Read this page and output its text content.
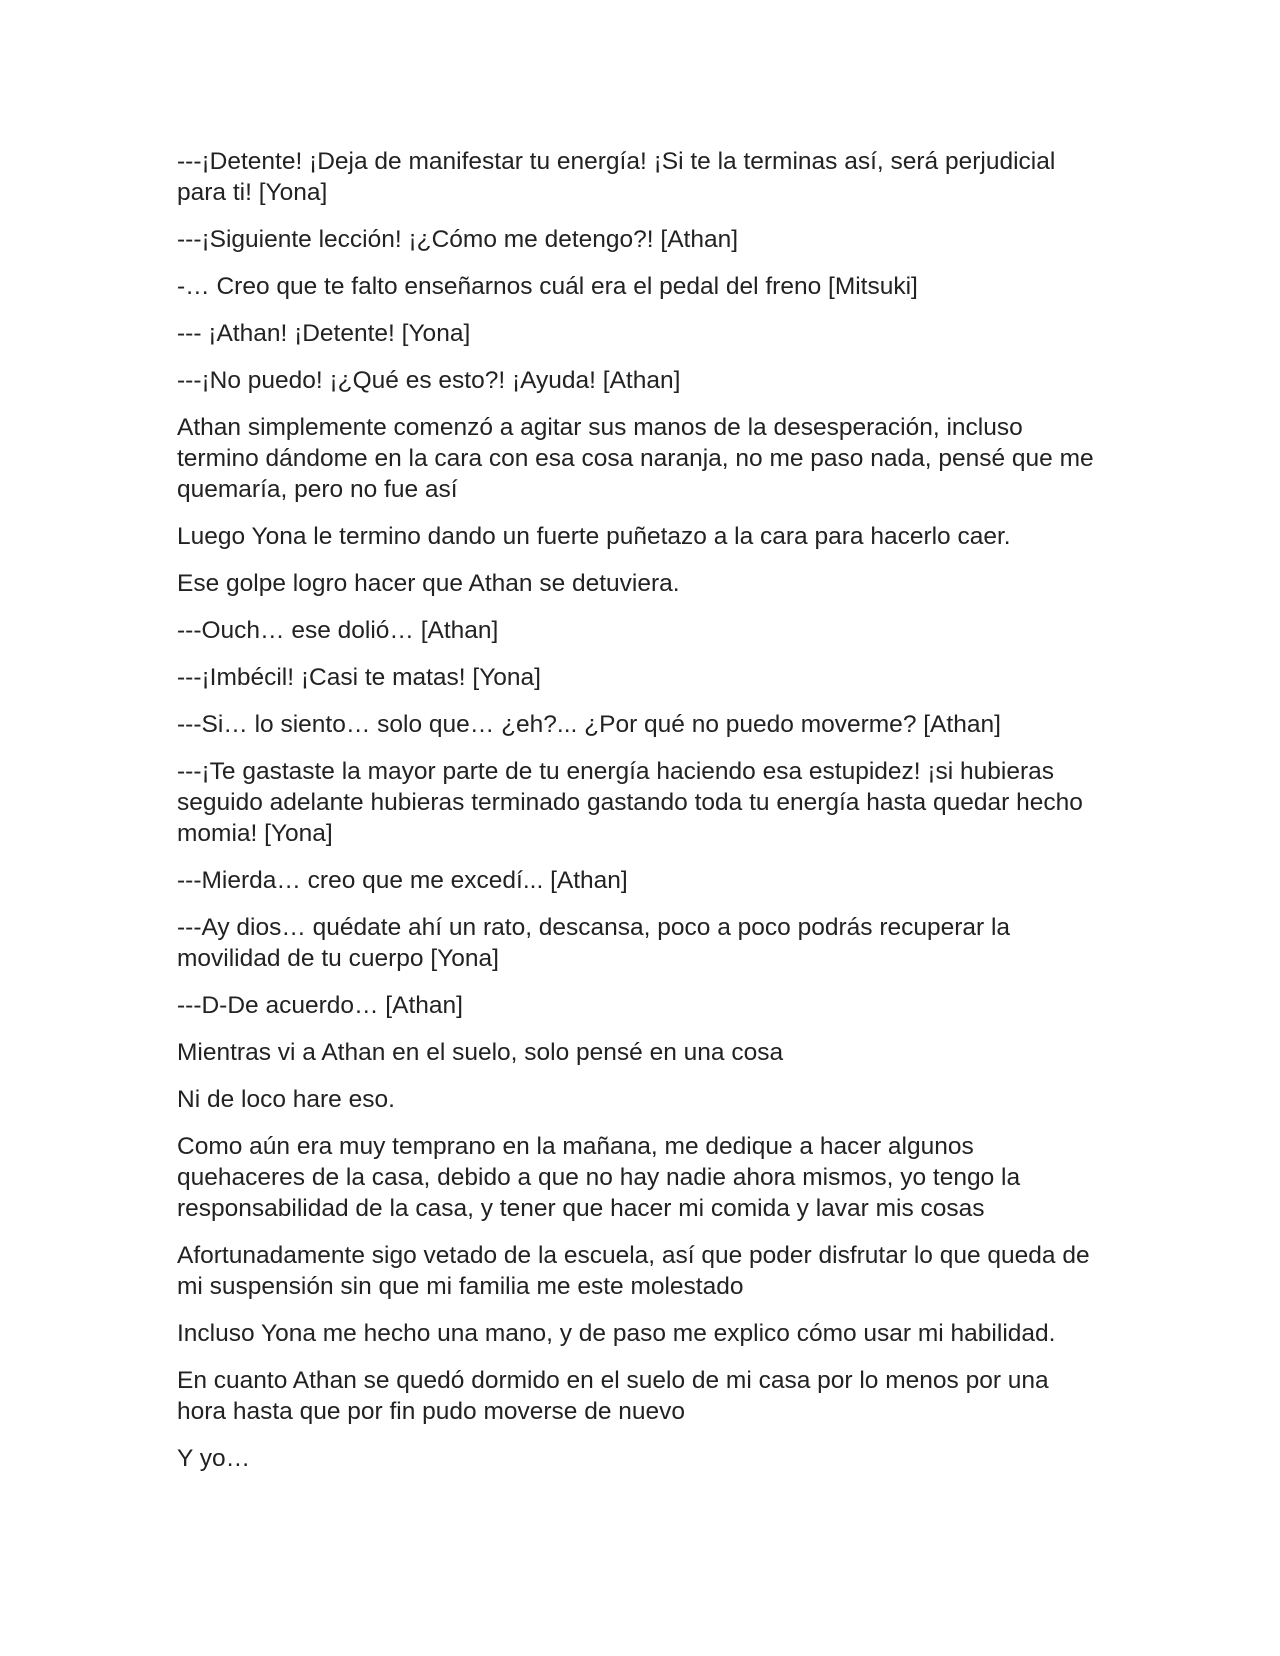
---¡Detente! ¡Deja de manifestar tu energía! ¡Si te la terminas así, será perjudicial para ti! [Yona]

---¡Siguiente lección! ¡¿Cómo me detengo?! [Athan]

-… Creo que te falto enseñarnos cuál era el pedal del freno [Mitsuki]

--- ¡Athan! ¡Detente! [Yona]

---¡No puedo! ¡¿Qué es esto?! ¡Ayuda! [Athan]

Athan simplemente comenzó a agitar sus manos de la desesperación, incluso termino dándome en la cara con esa cosa naranja, no me paso nada, pensé que me quemaría, pero no fue así

Luego Yona le termino dando un fuerte puñetazo a la cara para hacerlo caer.

Ese golpe logro hacer que Athan se detuviera.

---Ouch… ese dolió… [Athan]

---¡Imbécil! ¡Casi te matas! [Yona]

---Si… lo siento… solo que… ¿eh?... ¿Por qué no puedo moverme? [Athan]

---¡Te gastaste la mayor parte de tu energía haciendo esa estupidez! ¡si hubieras seguido adelante hubieras terminado gastando toda tu energía hasta quedar hecho momia! [Yona]

---Mierda… creo que me excedí... [Athan]

---Ay dios… quédate ahí un rato, descansa, poco a poco podrás recuperar la movilidad de tu cuerpo [Yona]

---D-De acuerdo… [Athan]

Mientras vi a Athan en el suelo, solo pensé en una cosa

Ni de loco hare eso.

Como aún era muy temprano en la mañana, me dedique a hacer algunos quehaceres de la casa, debido a que no hay nadie ahora mismos, yo tengo la responsabilidad de la casa, y tener que hacer mi comida y lavar mis cosas

Afortunadamente sigo vetado de la escuela, así que poder disfrutar lo que queda de mi suspensión sin que mi familia me este molestado

Incluso Yona me hecho una mano, y de paso me explico cómo usar mi habilidad.

En cuanto Athan se quedó dormido en el suelo de mi casa por lo menos por una hora hasta que por fin pudo moverse de nuevo

Y yo…
